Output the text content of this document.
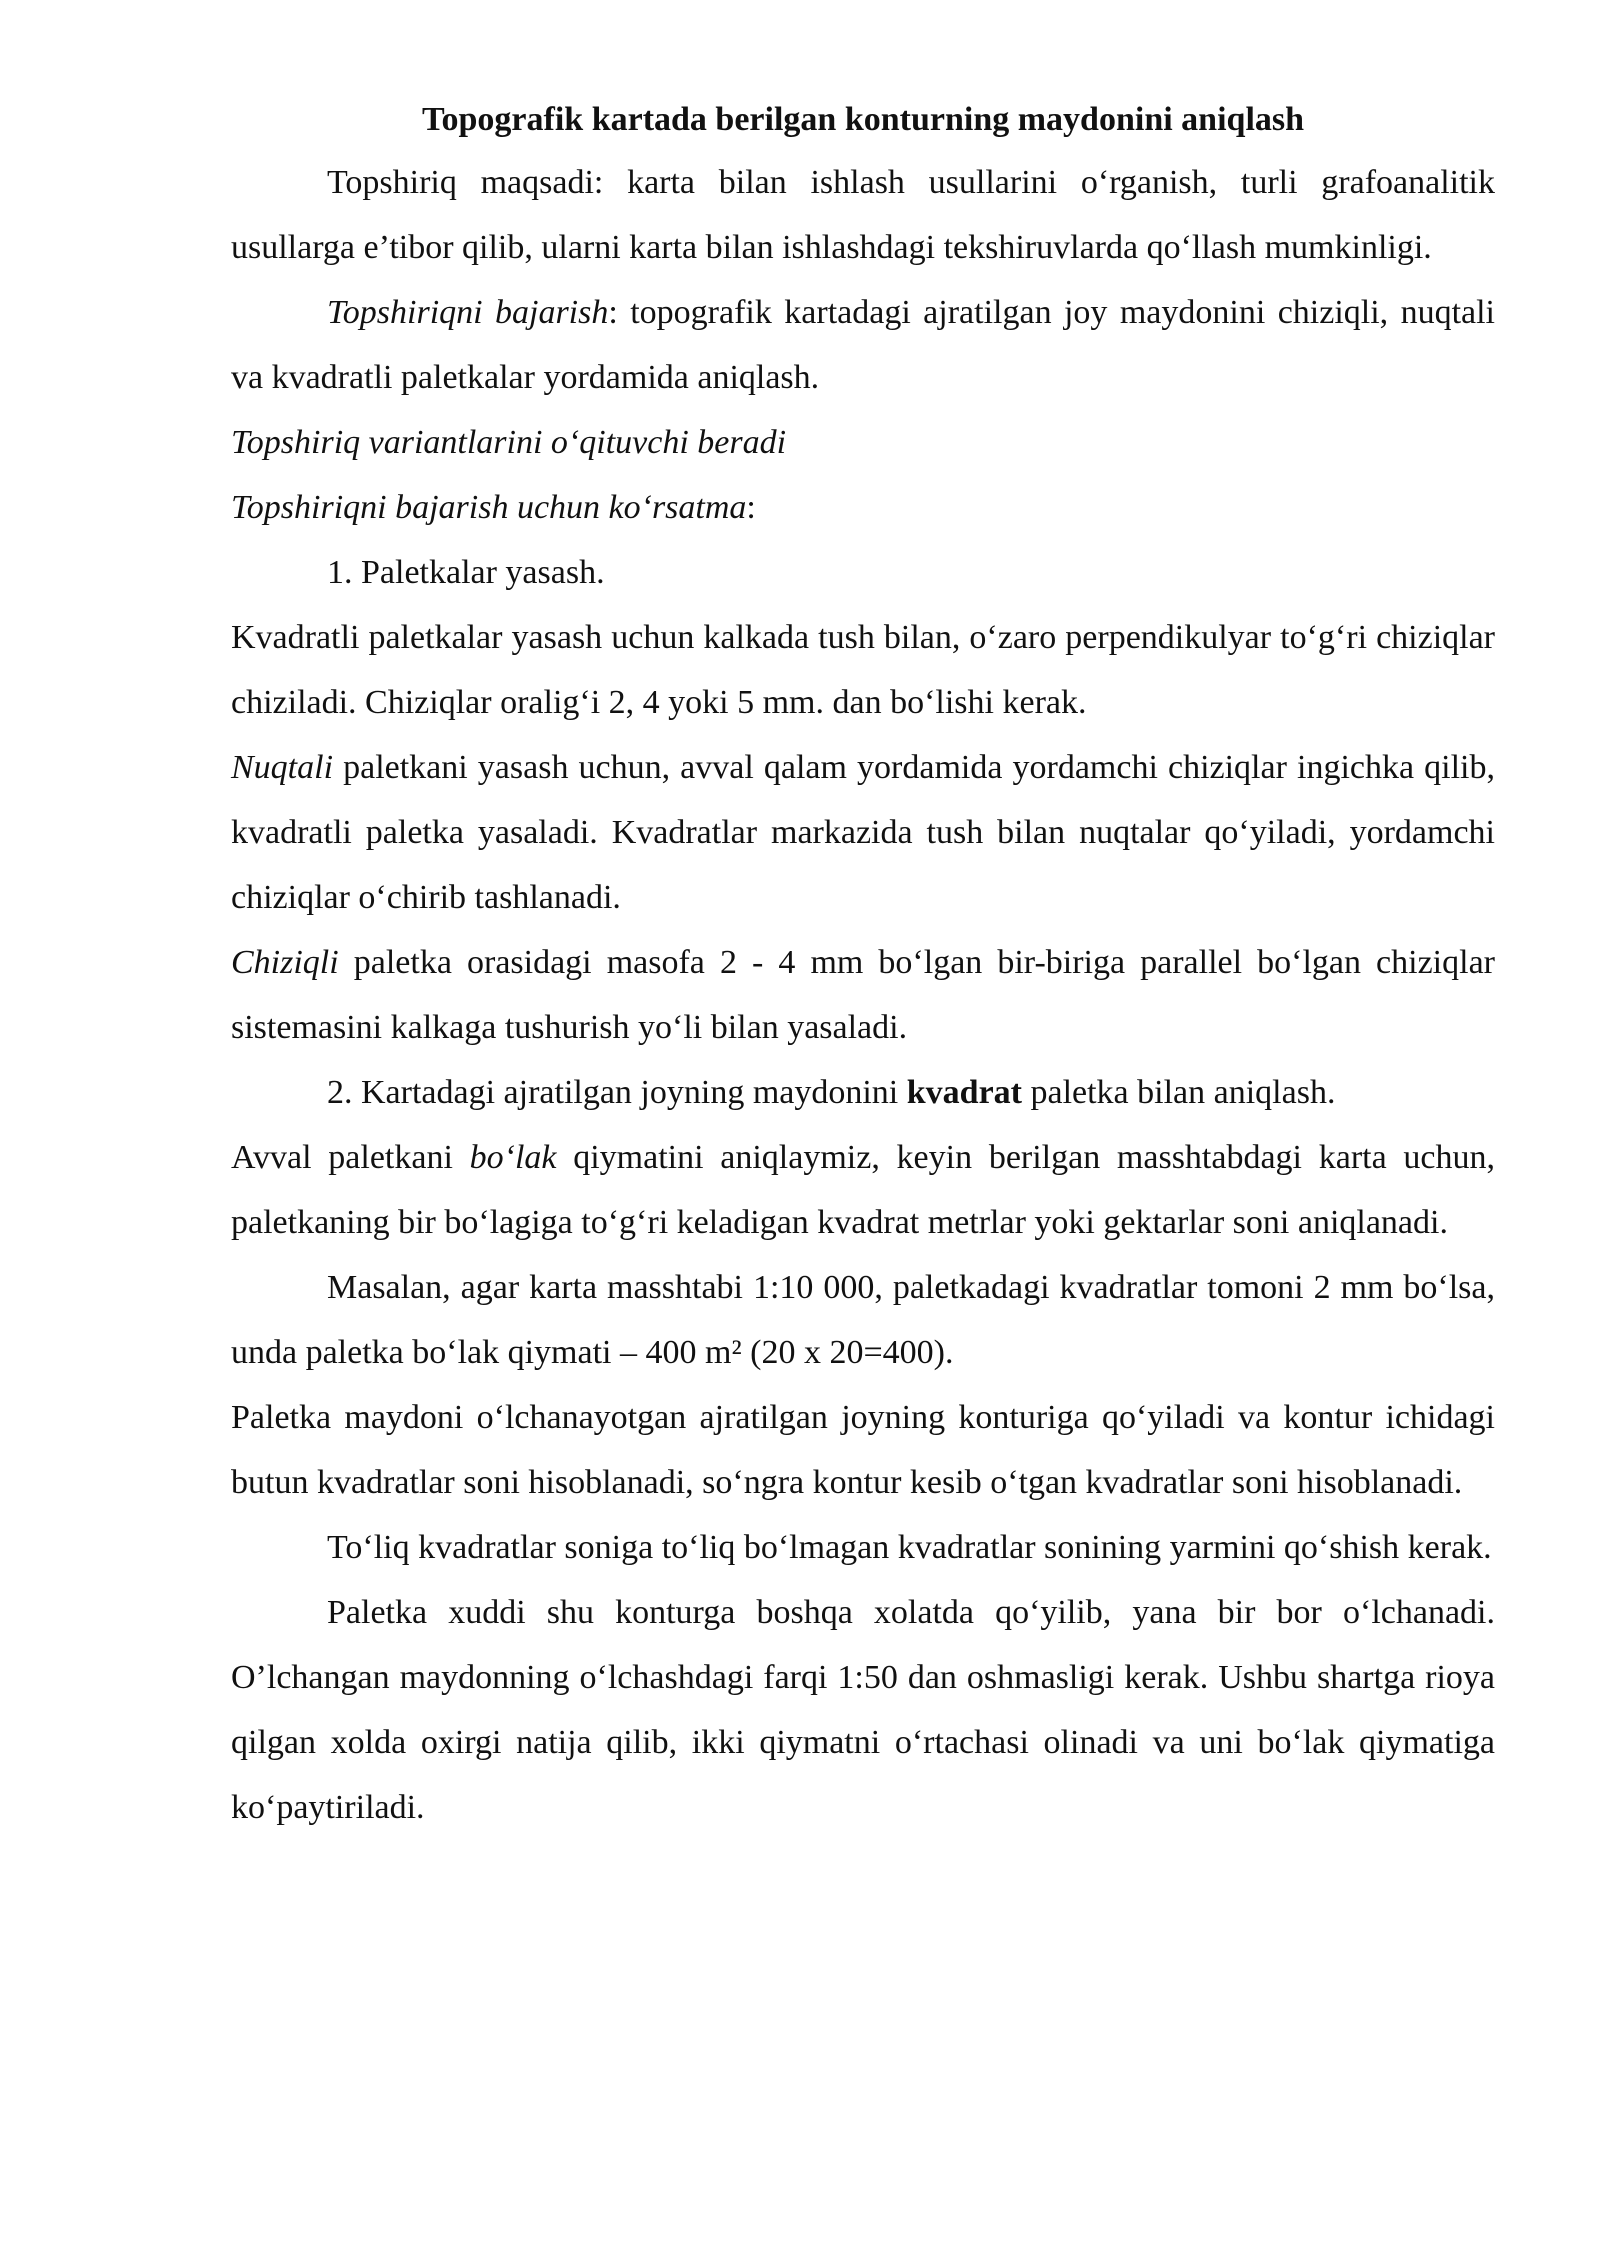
Topografik kartada berilgan konturning maydonini aniqlash

Topshiriq maqsadi: karta bilan ishlash usullarini o‘rganish, turli grafoanalitik usullarga e’tibor qilib, ularni karta bilan ishlashdagi tekshiruvlarda qo‘llash mumkinligi.

Topshiriqni bajarish: topografik kartadagi ajratilgan joy maydonini chiziqli, nuqtali va kvadratli paletkalar yordamida aniqlash.

Topshiriq variantlarini o‘qituvchi beradi

Topshiriqni bajarish uchun ko‘rsatma:

1. Paletkalar yasash.

Kvadratli paletkalar yasash uchun kalkada tush bilan, o‘zaro perpendikulyar to‘g‘ri chiziqlar chiziladi. Chiziqlar oralig‘i 2, 4 yoki 5 mm. dan bo‘lishi kerak.

Nuqtali paletkani yasash uchun, avval qalam yordamida yordamchi chiziqlar ingichka qilib, kvadratli paletka yasaladi. Kvadratlar markazida tush bilan nuqtalar qo‘yiladi, yordamchi chiziqlar o‘chirib tashlanadi.

Chiziqli paletka orasidagi masofa 2 - 4 mm bo‘lgan bir-biriga parallel bo‘lgan chiziqlar sistemasini kalkaga tushurish yo‘li bilan yasaladi.

2. Kartadagi ajratilgan joyning maydonini kvadrat paletka bilan aniqlash.

Avval paletkani bo‘lak qiymatini aniqlaymiz, keyin berilgan masshtabdagi karta uchun, paletkaning bir bo‘lagiga to‘g‘ri keladigan kvadrat metrlar yoki gektarlar soni aniqlanadi.

Masalan, agar karta masshtabi 1:10 000, paletkadagi kvadratlar tomoni 2 mm bo‘lsa, unda paletka bo‘lak qiymati – 400 m² (20 x 20=400).

Paletka maydoni o‘lchanayotgan ajratilgan joyning konturiga qo‘yiladi va kontur ichidagi butun kvadratlar soni hisoblanadi, so‘ngra kontur kesib o‘tgan kvadratlar soni hisoblanadi.

To‘liq kvadratlar soniga to‘liq bo‘lmagan kvadratlar sonining yarmini qo‘shish kerak.

Paletka xuddi shu konturga boshqa xolatda qo‘yilib, yana bir bor o‘lchanadi. O’lchangan maydonning o‘lchashdagi farqi 1:50 dan oshmasligi kerak. Ushbu shartga rioya qilgan xolda oxirgi natija qilib, ikki qiymatni o‘rtachasi olinadi va uni bo‘lak qiymatiga ko‘paytiriladi.
